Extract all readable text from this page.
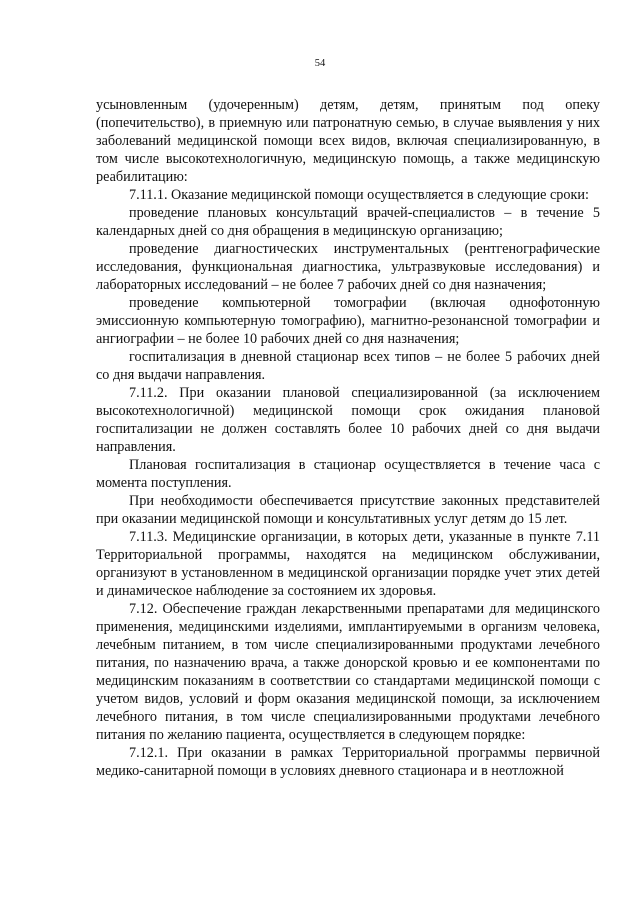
54

усыновленным (удочеренным) детям, детям, принятым под опеку (попечительство), в приемную или патронатную семью, в случае выявления у них заболеваний медицинской помощи всех видов, включая специализированную, в том числе высокотехнологичную, медицинскую помощь, а также медицинскую реабилитацию:

7.11.1. Оказание медицинской помощи осуществляется в следующие сроки:

проведение плановых консультаций врачей-специалистов – в течение 5 календарных дней со дня обращения в медицинскую организацию;

проведение диагностических инструментальных (рентгенографические исследования, функциональная диагностика, ультразвуковые исследования) и лабораторных исследований – не более 7 рабочих дней со дня назначения;

проведение компьютерной томографии (включая однофотонную эмиссионную компьютерную томографию), магнитно-резонансной томографии и ангиографии – не более 10 рабочих дней со дня назначения;

госпитализация в дневной стационар всех типов – не более 5 рабочих дней со дня выдачи направления.

7.11.2. При оказании плановой специализированной (за исключением высокотехнологичной) медицинской помощи срок ожидания плановой госпитализации не должен составлять более 10 рабочих дней со дня выдачи направления.

Плановая госпитализация в стационар осуществляется в течение часа с момента поступления.

При необходимости обеспечивается присутствие законных представителей при оказании медицинской помощи и консультативных услуг детям до 15 лет.

7.11.3. Медицинские организации, в которых дети, указанные в пункте 7.11 Территориальной программы, находятся на медицинском обслуживании, организуют в установленном в медицинской организации порядке учет этих детей и динамическое наблюдение за состоянием их здоровья.

7.12. Обеспечение граждан лекарственными препаратами для медицинского применения, медицинскими изделиями, имплантируемыми в организм человека, лечебным питанием, в том числе специализированными продуктами лечебного питания, по назначению врача, а также донорской кровью и ее компонентами по медицинским показаниям в соответствии со стандартами медицинской помощи с учетом видов, условий и форм оказания медицинской помощи, за исключением лечебного питания, в том числе специализированными продуктами лечебного питания по желанию пациента, осуществляется в следующем порядке:

7.12.1. При оказании в рамках Территориальной программы первичной медико-санитарной помощи в условиях дневного стационара и в неотложной
